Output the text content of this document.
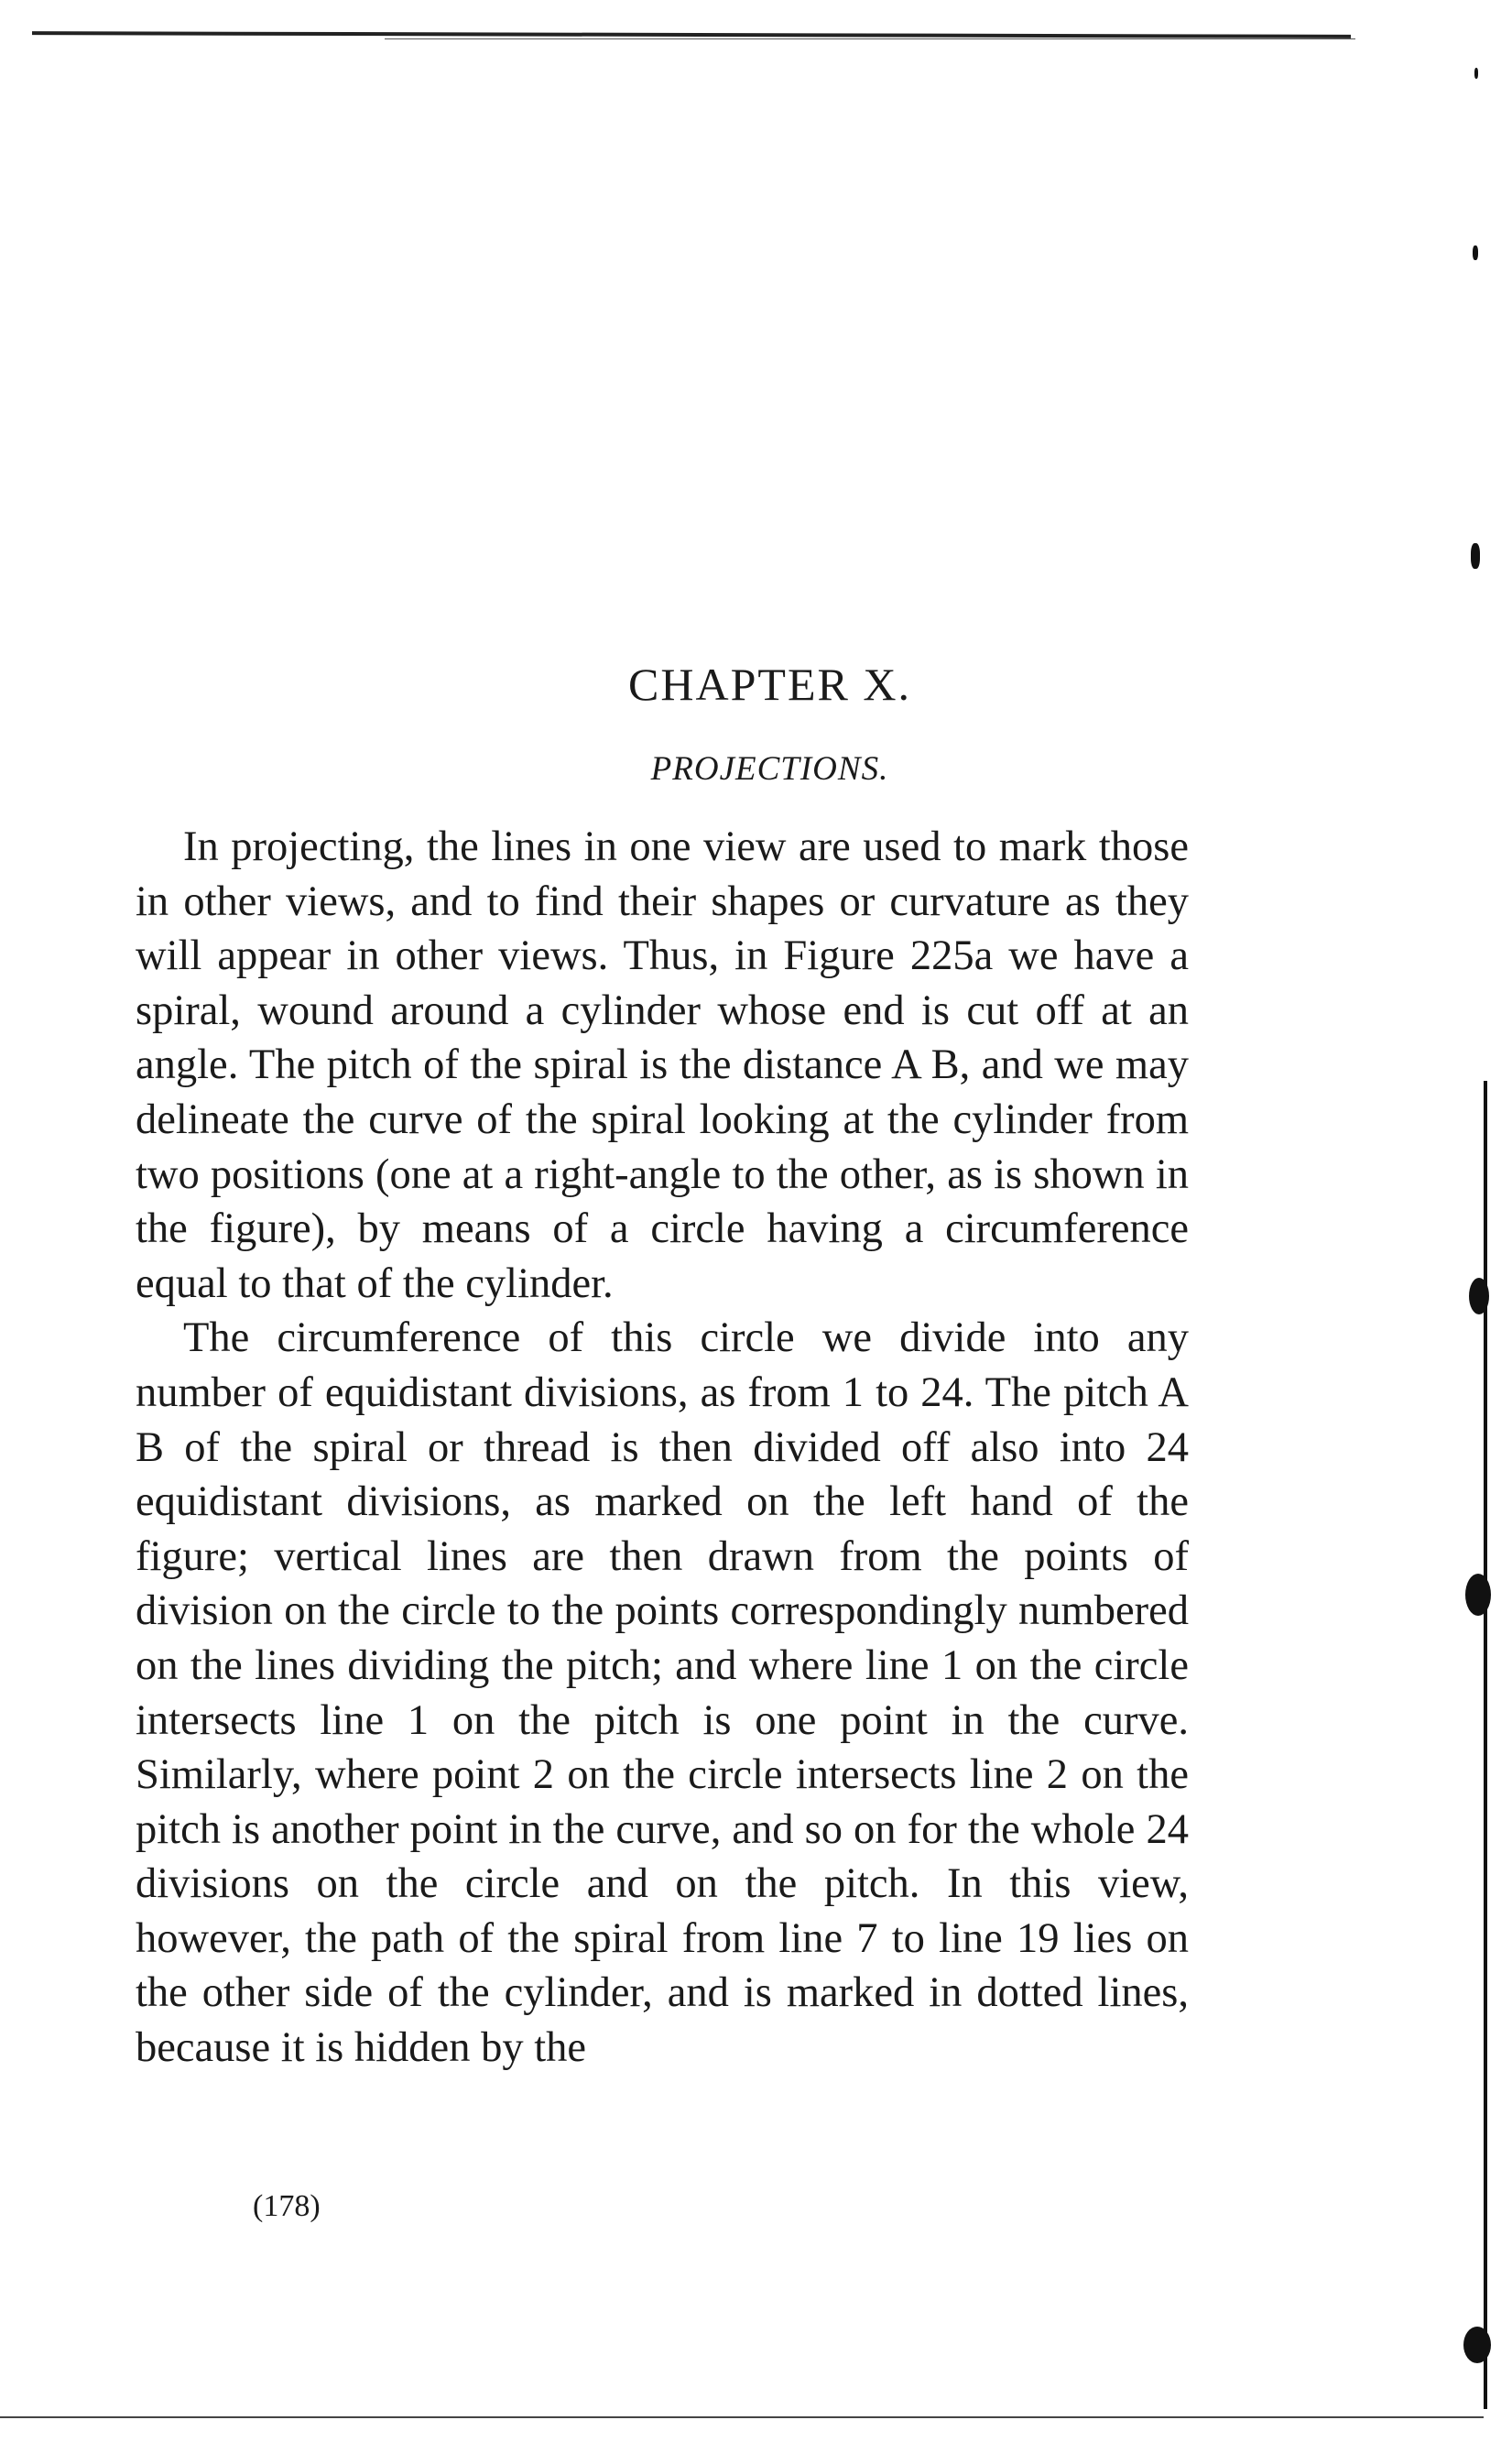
CHAPTER X.
PROJECTIONS.

In projecting, the lines in one view are used to mark those in other views, and to find their shapes or curvature as they will appear in other views. Thus, in Figure 225a we have a spiral, wound around a cylinder whose end is cut off at an angle. The pitch of the spiral is the distance A B, and we may delineate the curve of the spiral looking at the cylinder from two positions (one at a right-angle to the other, as is shown in the figure), by means of a circle having a circumference equal to that of the cylinder.

The circumference of this circle we divide into any number of equidistant divisions, as from 1 to 24. The pitch A B of the spiral or thread is then divided off also into 24 equidistant divisions, as marked on the left hand of the figure; vertical lines are then drawn from the points of division on the circle to the points correspondingly numbered on the lines dividing the pitch; and where line 1 on the circle intersects line 1 on the pitch is one point in the curve. Similarly, where point 2 on the circle intersects line 2 on the pitch is another point in the curve, and so on for the whole 24 divisions on the circle and on the pitch. In this view, however, the path of the spiral from line 7 to line 19 lies on the other side of the cylinder, and is marked in dotted lines, because it is hidden by the

(178)
